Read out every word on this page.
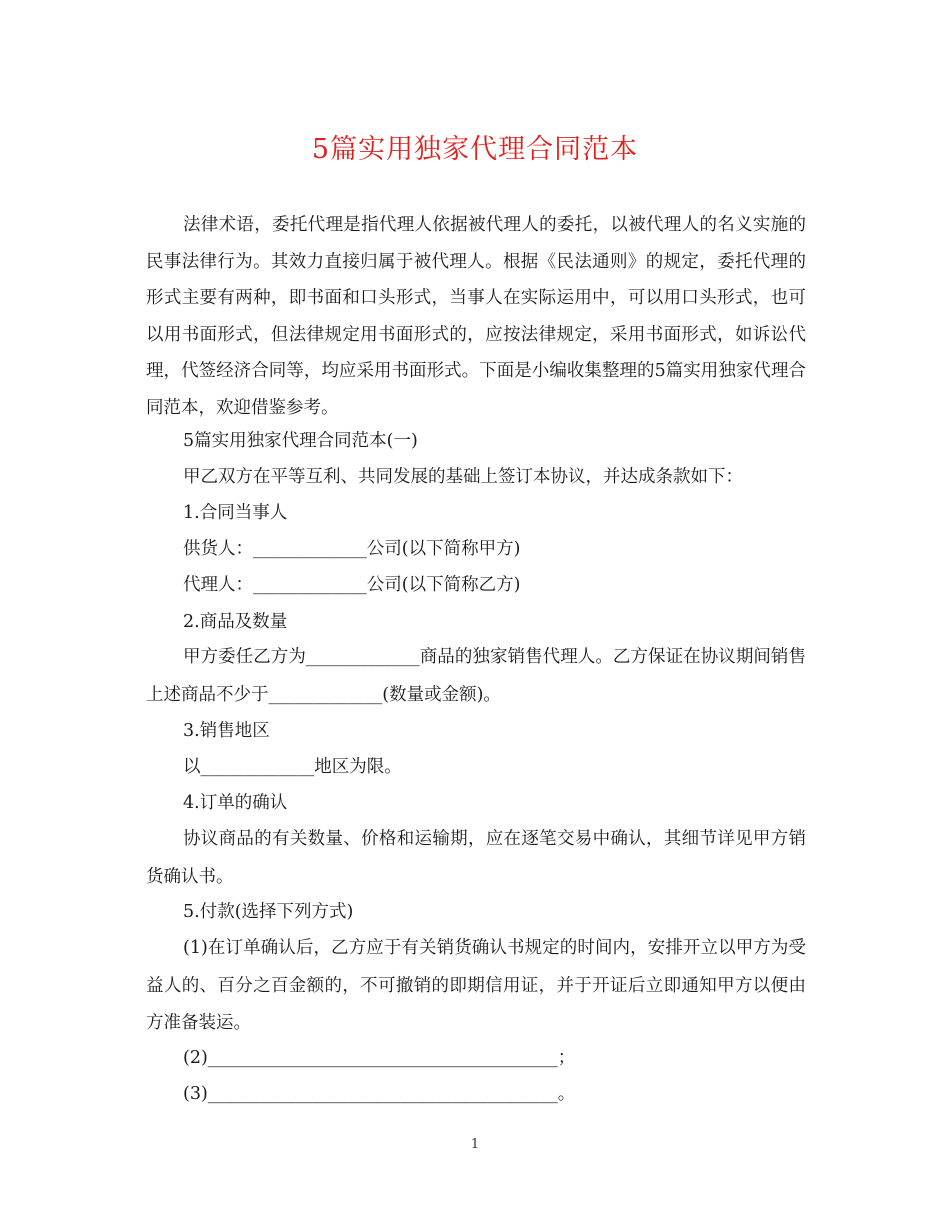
5篇实用独家代理合同范本

法律术语，委托代理是指代理人依据被代理人的委托，以被代理人的名义实施的民事法律行为。其效力直接归属于被代理人。根据《民法通则》的规定，委托代理的形式主要有两种，即书面和口头形式，当事人在实际运用中，可以用口头形式，也可以用书面形式，但法律规定用书面形式的，应按法律规定，采用书面形式，如诉讼代理，代签经济合同等，均应采用书面形式。下面是小编收集整理的5篇实用独家代理合同范本，欢迎借鉴参考。

5篇实用独家代理合同范本(一)
甲乙双方在平等互利、共同发展的基础上签订本协议，并达成条款如下：
1.合同当事人
供货人：_____________公司(以下简称甲方)
代理人：_____________公司(以下简称乙方)
2.商品及数量

甲方委任乙方为_____________商品的独家销售代理人。乙方保证在协议期间销售上述商品不少于_____________(数量或金额)。

3.销售地区
以_____________地区为限。
4.订单的确认

协议商品的有关数量、价格和运输期，应在逐笔交易中确认，其细节详见甲方销货确认书。

5.付款(选择下列方式)

(1)在订单确认后，乙方应于有关销货确认书规定的时间内，安排开立以甲方为受益人的、百分之百金额的，不可撤销的即期信用证，并于开证后立即通知甲方以便由方准备装运。

(2)________________________________________；
(3)________________________________________。
1
